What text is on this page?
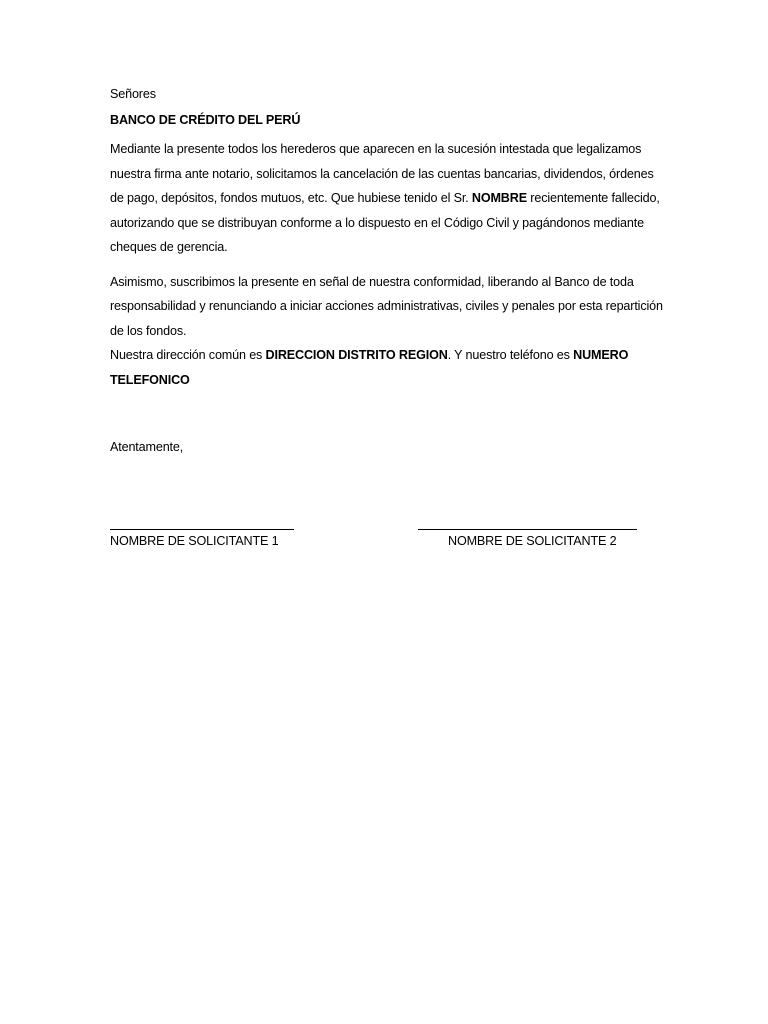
Señores

BANCO DE CRÉDITO DEL PERÚ

Mediante la presente todos los herederos que aparecen en la sucesión intestada que legalizamos nuestra firma ante notario, solicitamos la cancelación de las cuentas bancarias, dividendos, órdenes de pago, depósitos, fondos mutuos, etc. Que hubiese tenido el Sr. NOMBRE recientemente fallecido, autorizando que se distribuyan conforme a lo dispuesto en el Código Civil y pagándonos mediante cheques de gerencia.

Asimismo, suscribimos la presente en señal de nuestra conformidad, liberando al Banco de toda responsabilidad y renunciando a iniciar acciones administrativas, civiles y penales por esta repartición de los fondos.

Nuestra dirección común es DIRECCION DISTRITO REGION. Y nuestro teléfono es NUMERO TELEFONICO

Atentamente,

NOMBRE DE SOLICITANTE 1	NOMBRE DE SOLICITANTE 2
